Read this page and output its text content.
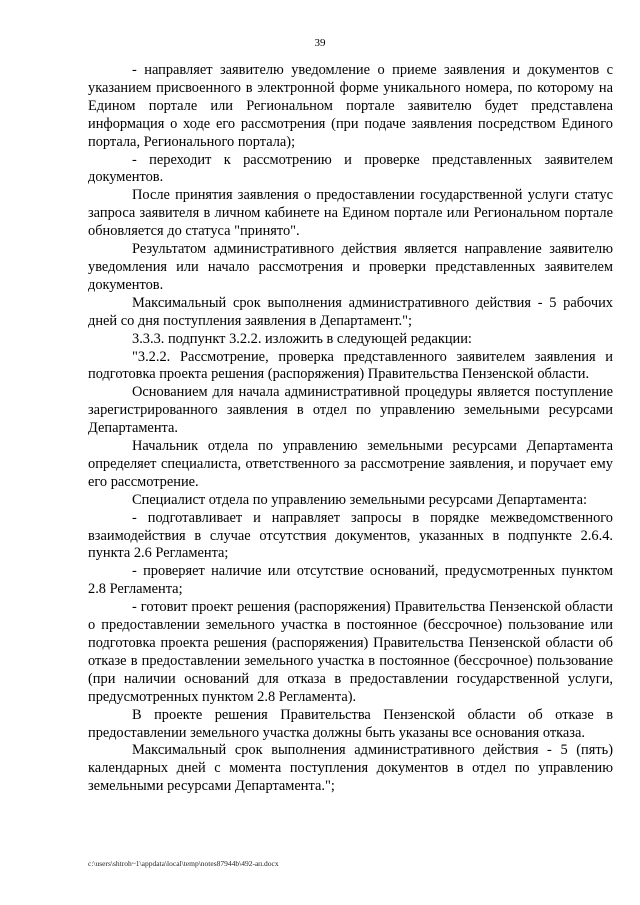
39

- направляет заявителю уведомление о приеме заявления и документов с указанием присвоенного в электронной форме уникального номера, по которому на Едином портале или Региональном портале заявителю будет представлена информация о ходе его рассмотрения (при подаче заявления посредством Единого портала, Регионального портала);

- переходит к рассмотрению и проверке представленных заявителем документов.

После принятия заявления о предоставлении государственной услуги статус запроса заявителя в личном кабинете на Едином портале или Региональном портале обновляется до статуса "принято".

Результатом административного действия является направление заявителю уведомления или начало рассмотрения и проверки представленных заявителем документов.

Максимальный срок выполнения административного действия - 5 рабочих дней со дня поступления заявления в Департамент.";

3.3.3. подпункт 3.2.2. изложить в следующей редакции:

"3.2.2. Рассмотрение, проверка представленного заявителем заявления и подготовка проекта решения (распоряжения) Правительства Пензенской области.

Основанием для начала административной процедуры является поступление зарегистрированного заявления в отдел по управлению земельными ресурсами Департамента.

Начальник отдела по управлению земельными ресурсами Департамента определяет специалиста, ответственного за рассмотрение заявления, и поручает ему его рассмотрение.

Специалист отдела по управлению земельными ресурсами Департамента:

- подготавливает и направляет запросы в порядке межведомственного взаимодействия в случае отсутствия документов, указанных в подпункте 2.6.4. пункта 2.6 Регламента;

- проверяет наличие или отсутствие оснований, предусмотренных пунктом 2.8 Регламента;

- готовит проект решения (распоряжения) Правительства Пензенской области о предоставлении земельного участка в постоянное (бессрочное) пользование или подготовка проекта решения (распоряжения) Правительства Пензенской области об отказе в предоставлении земельного участка в постоянное (бессрочное) пользование (при наличии оснований для отказа в предоставлении государственной услуги, предусмотренных пунктом 2.8 Регламента).

В проекте решения Правительства Пензенской области об отказе в предоставлении земельного участка должны быть указаны все основания отказа.

Максимальный срок выполнения административного действия - 5 (пять) календарных дней с момента поступления документов в отдел по управлению земельными ресурсами Департамента.";

c:\users\shtroh~1\appdata\local\temp\notes87944b\492-ап.docx
